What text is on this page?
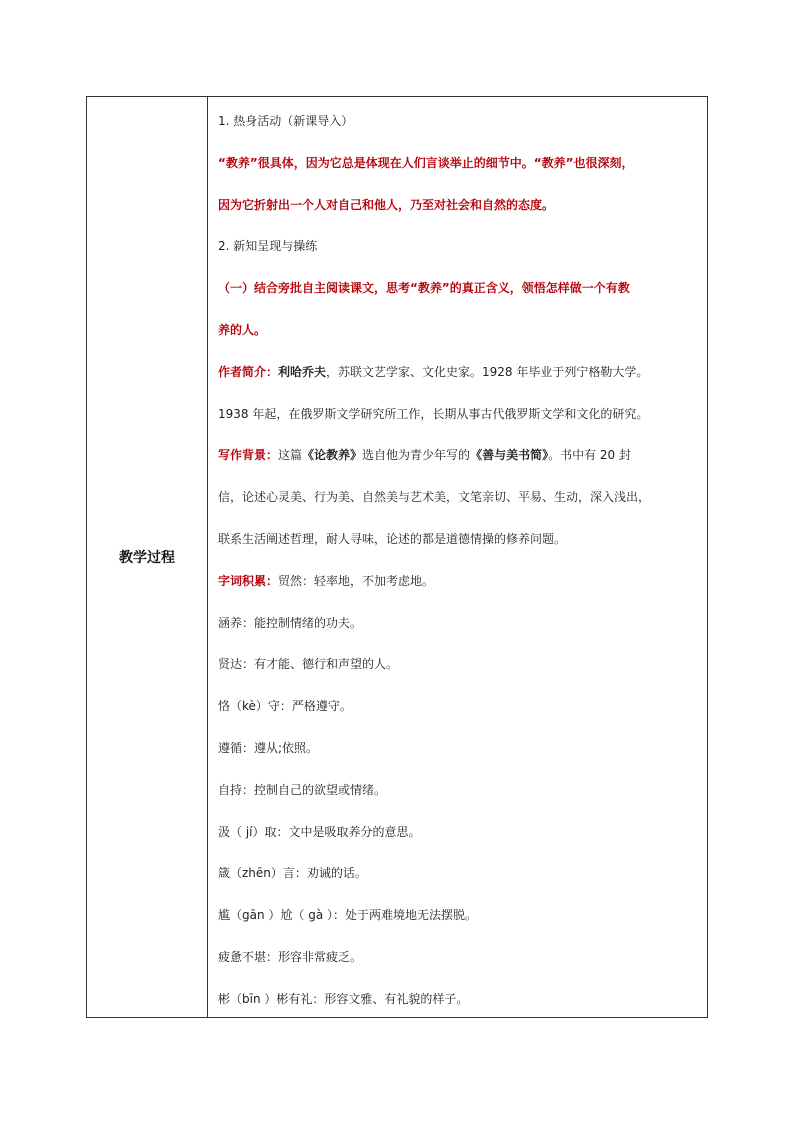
教学过程
1. 热身活动（新课导入）
“教养”很具体，因为它总是体现在人们言谈举止的细节中。“教养”也很深刻，
因为它折射出一个人对自己和他人，乃至对社会和自然的态度。
2. 新知呈现与操练
（一）结合旁批自主阅读课文，思考“教养”的真正含义，领悟怎样做一个有教
养的人。
作者简介：利哈乔夫，苏联文艺学家、文化史家。1928 年毕业于列宁格勒大学。
1938 年起，在俄罗斯文学研究所工作，长期从事古代俄罗斯文学和文化的研究。
写作背景：这篇《论教养》选自他为青少年写的《善与美书简》。书中有 20 封
信，论述心灵美、行为美、自然美与艺术美，文笔亲切、平易、生动，深入浅出，
联系生活阐述哲理，耐人寻味，论述的都是道德情操的修养问题。
字词积累：贸然：轻率地，不加考虑地。
涵养：能控制情绪的功夫。
贤达：有才能、德行和声望的人。
恪（kè）守：严格遵守。
遵循：遵从;依照。
自持：控制自己的欲望或情绪。
汲（ jí）取：文中是吸取养分的意思。
箴（zhēn）言：劝诫的话。
尴（gān ）尬（ gà ）：处于两难境地无法摆脱。
疲惫不堪：形容非常疲乏。
彬（bīn ）彬有礼：形容文雅、有礼貌的样子。
